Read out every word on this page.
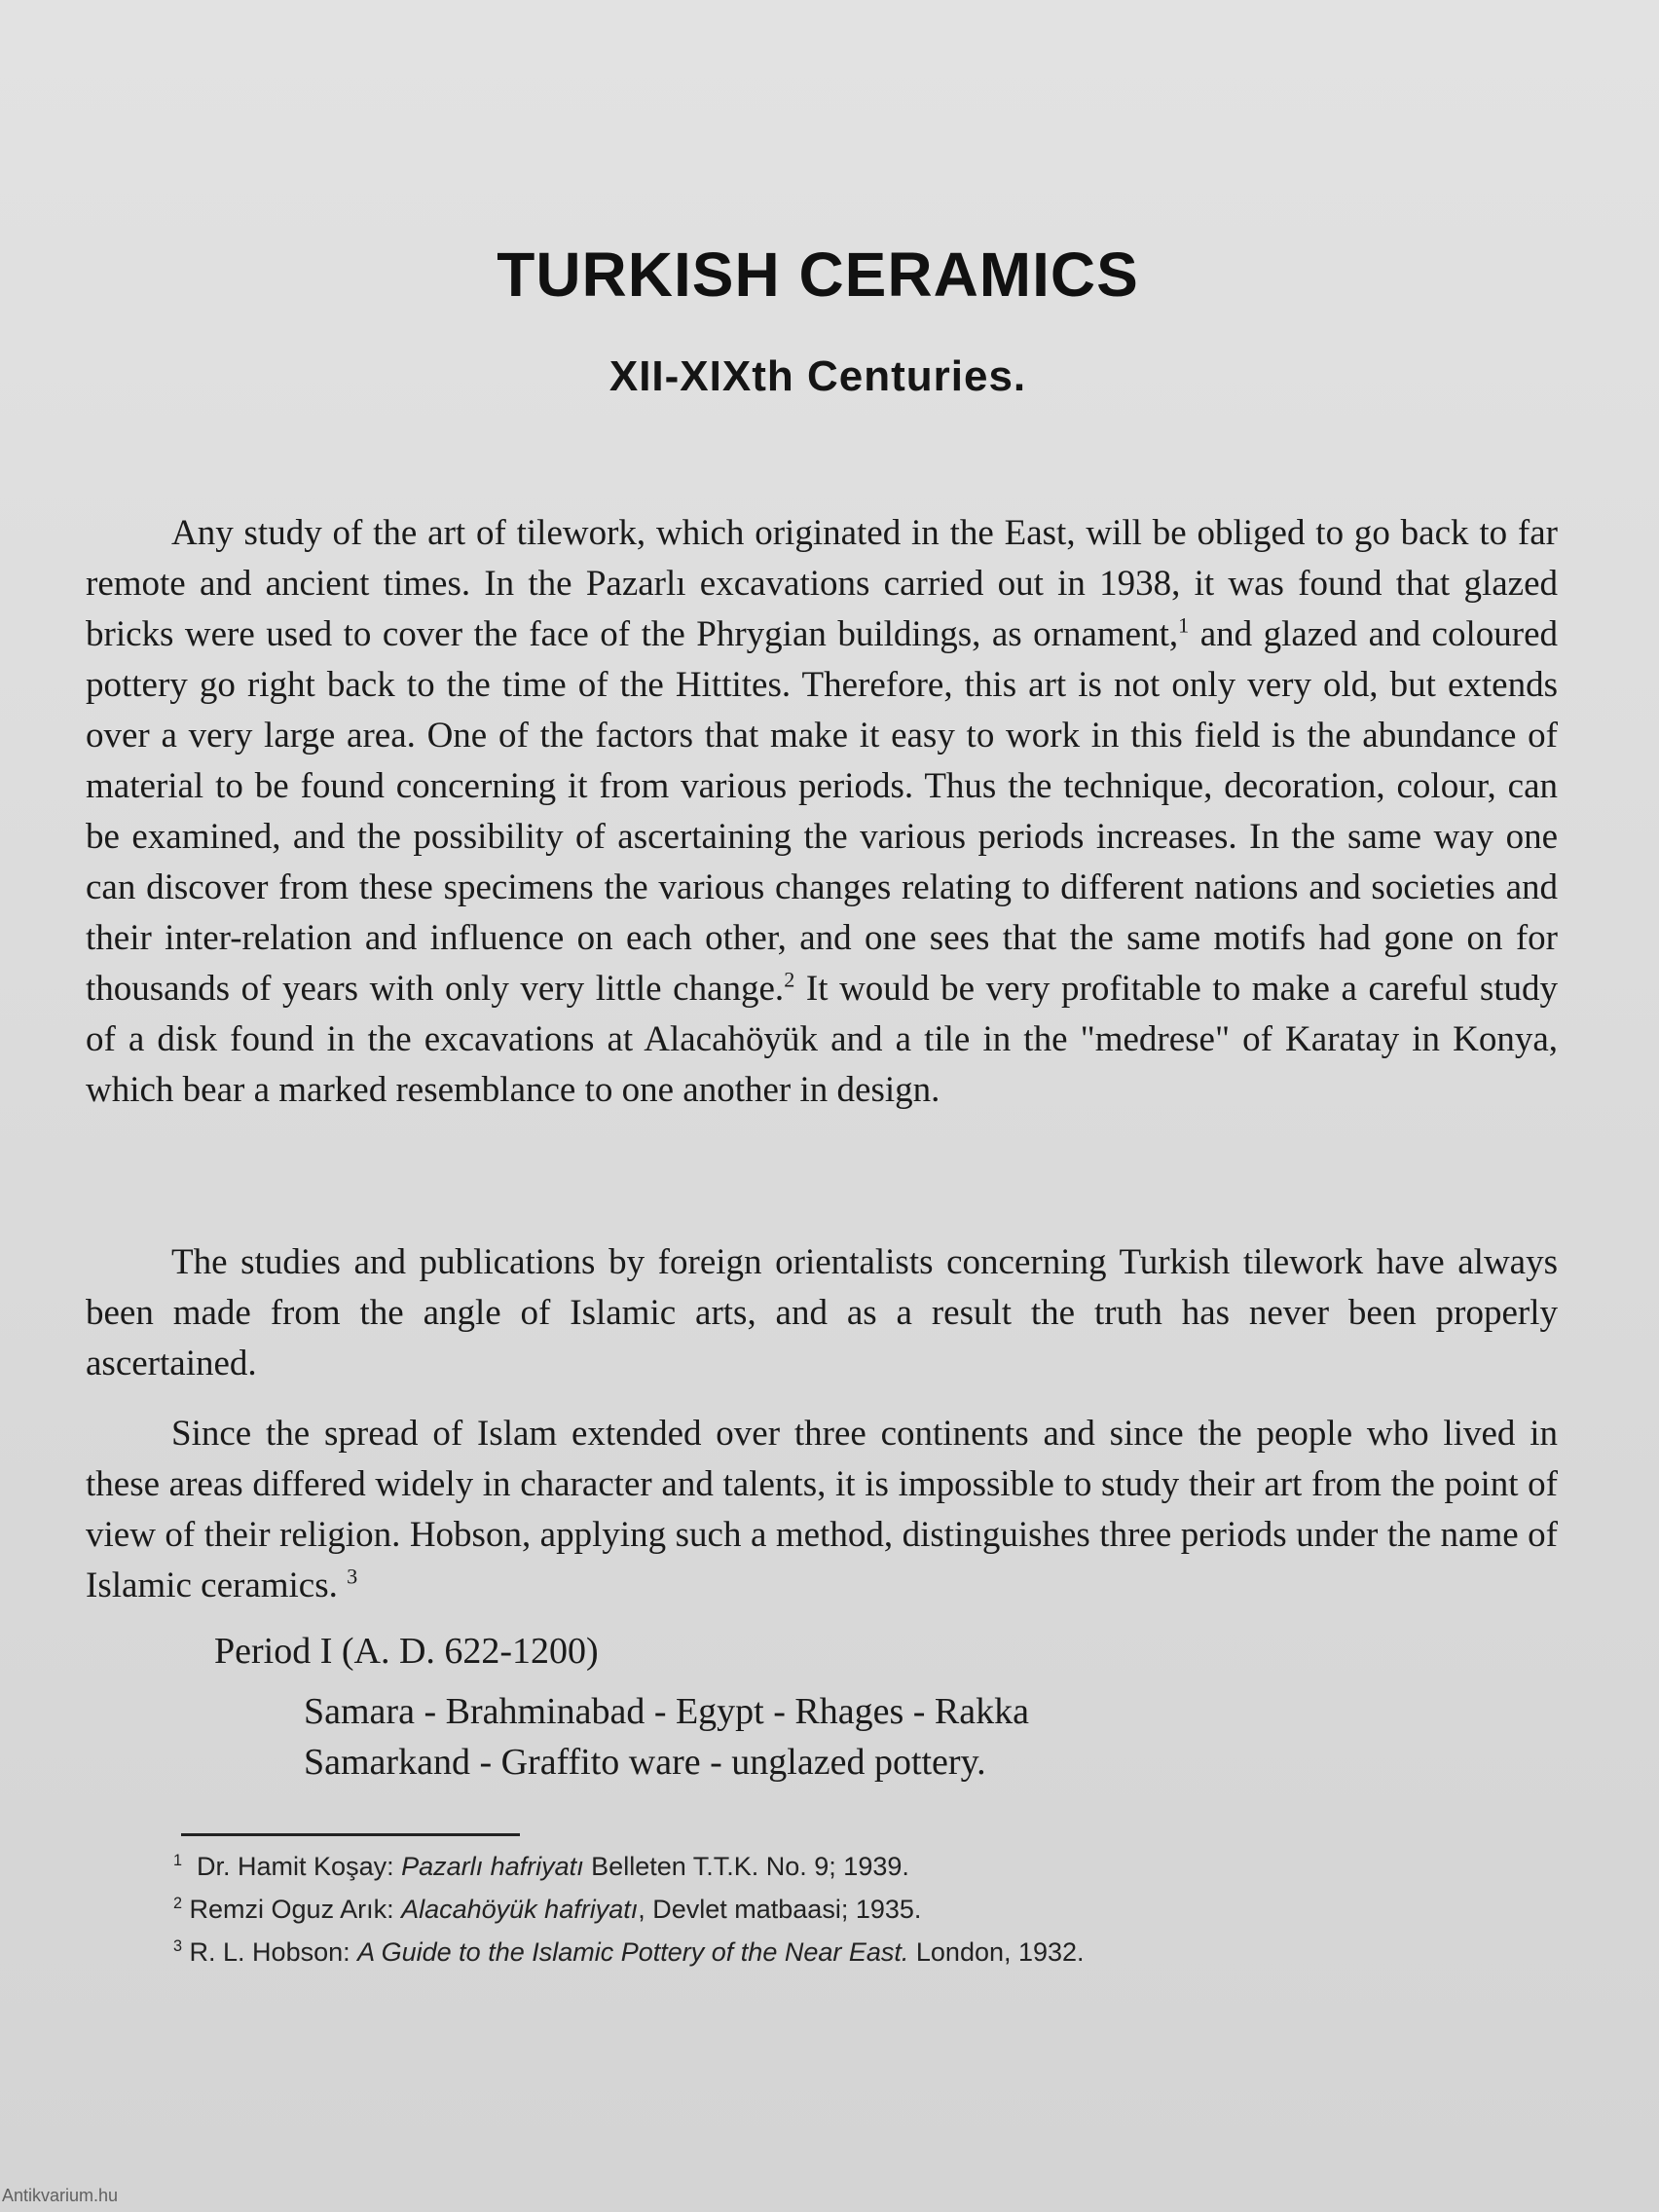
TURKISH CERAMICS
XII-XIXth Centuries.

Any study of the art of tilework, which originated in the East, will be obliged to go back to far remote and ancient times. In the Pazarlı excavations carried out in 1938, it was found that glazed bricks were used to cover the face of the Phrygian buildings, as ornament,$^1$ and glazed and coloured pottery go right back to the time of the Hittites. Therefore, this art is not only very old, but extends over a very large area. One of the factors that make it easy to work in this field is the abundance of material to be found concerning it from various periods. Thus the technique, decoration, colour, can be examined, and the possibility of ascertaining the various periods increases. In the same way one can discover from these specimens the various changes relating to different nations and societies and their inter-relation and influence on each other, and one sees that the same motifs had gone on for thousands of years with only very little change.$^2$ It would be very profitable to make a careful study of a disk found in the excavations at Alacahöyük and a tile in the "medrese" of Karatay in Konya, which bear a marked resemblance to one another in design.

The studies and publications by foreign orientalists concerning Turkish tilework have always been made from the angle of Islamic arts, and as a result the truth has never been properly ascertained.

Since the spread of Islam extended over three continents and since the people who lived in these areas differed widely in character and talents, it is impossible to study their art from the point of view of their religion. Hobson, applying such a method, distinguishes three periods under the name of Islamic ceramics. $^3$

Period I (A. D. 622-1200)
Samara - Brahminabad - Egypt - Rhages - Rakka
Samarkand - Graffito ware - unglazed pottery.
$^1$ Dr. Hamit Koşay: Pazarlı hafriyatı Belleten T.T.K. No. 9; 1939.
$^2$ Remzi Oguz Arık: Alacahöyük hafriyatı, Devlet matbaasi; 1935.
$^3$ R. L. Hobson: A Guide to the Islamic Pottery of the Near East. London, 1932.
Antikvarium.hu
